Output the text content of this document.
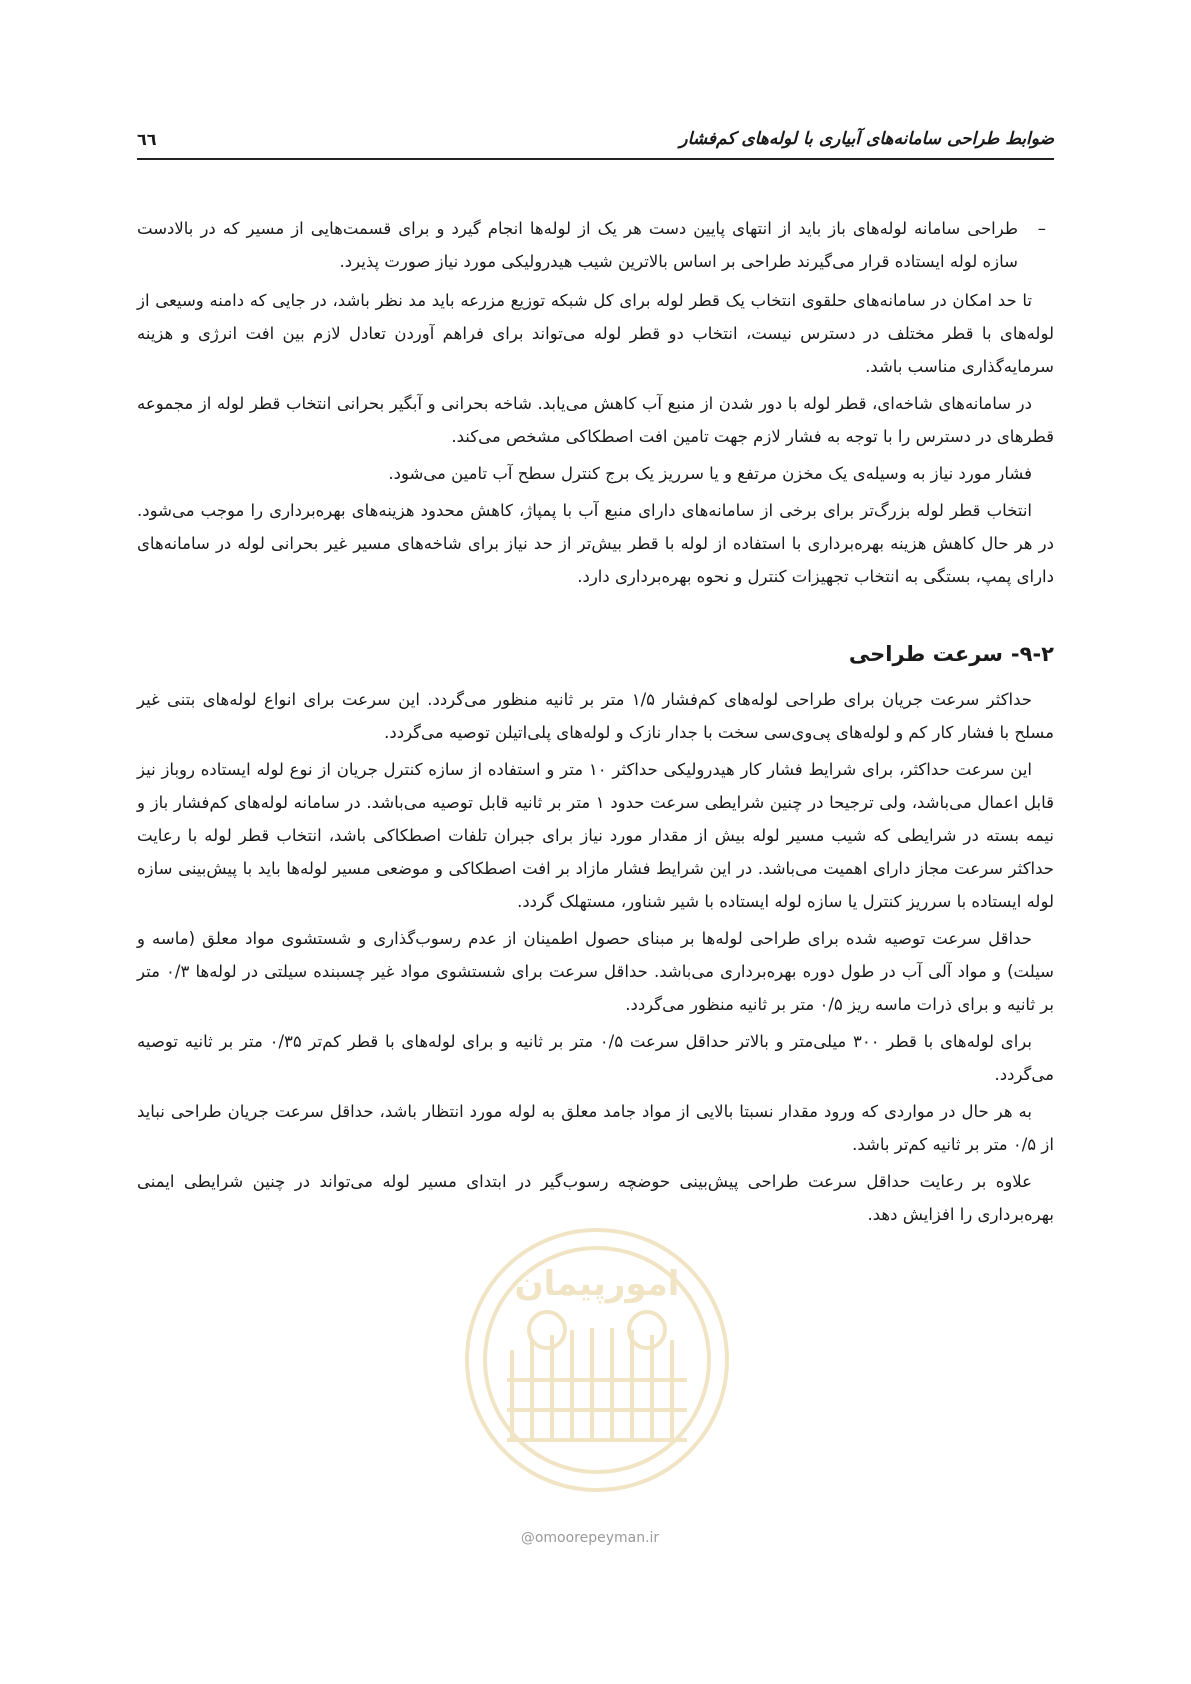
ضوابط طراحی سامانه‌های آبیاری با لوله‌های کم‌فشار
٦٦
–
طراحی سامانه لوله‌های باز باید از انتهای پایین دست هر یک از لوله‌ها انجام گیرد و برای قسمت‌هایی از مسیر که در بالادست سازه لوله ایستاده قرار می‌گیرند طراحی بر اساس بالاترین شیب هیدرولیکی مورد نیاز صورت پذیرد.

تا حد امکان در سامانه‌های حلقوی انتخاب یک قطر لوله برای کل شبکه توزیع مزرعه باید مد نظر باشد، در جایی که دامنه وسیعی از لوله‌های با قطر مختلف در دسترس نیست، انتخاب دو قطر لوله می‌تواند برای فراهم آوردن تعادل لازم بین افت انرژی و هزینه سرمایه‌گذاری مناسب باشد.

در سامانه‌های شاخه‌ای، قطر لوله با دور شدن از منبع آب کاهش می‌یابد. شاخه بحرانی و آبگیر بحرانی انتخاب قطر لوله از مجموعه قطرهای در دسترس را با توجه به فشار لازم جهت تامین افت اصطکاکی مشخص می‌کند.

فشار مورد نیاز به وسیله‌ی یک مخزن مرتفع و یا سرریز یک برج کنترل سطح آب تامین می‌شود.

انتخاب قطر لوله بزرگ‌تر برای برخی از سامانه‌های دارای منبع آب با پمپاژ، کاهش محدود هزینه‌های بهره‌برداری را موجب می‌شود. در هر حال کاهش هزینه بهره‌برداری با استفاده از لوله با قطر بیش‌تر از حد نیاز برای شاخه‌های مسیر غیر بحرانی لوله در سامانه‌های دارای پمپ، بستگی به انتخاب تجهیزات کنترل و نحوه بهره‌برداری دارد.

۹-۲-
سرعت طراحی

حداکثر سرعت جریان برای طراحی لوله‌های کم‌فشار ۱/۵ متر بر ثانیه منظور می‌گردد. این سرعت برای انواع لوله‌های بتنی غیر مسلح با فشار کار کم و لوله‌های پی‌وی‌سی سخت با جدار نازک و لوله‌های پلی‌اتیلن توصیه می‌گردد.

این سرعت حداکثر، برای شرایط فشار کار هیدرولیکی حداکثر ۱۰ متر و استفاده از سازه کنترل جریان از نوع لوله ایستاده روباز نیز قابل اعمال می‌باشد، ولی ترجیحا در چنین شرایطی سرعت حدود ۱ متر بر ثانیه قابل توصیه می‌باشد. در سامانه لوله‌های کم‌فشار باز و نیمه بسته در شرایطی که شیب مسیر لوله بیش از مقدار مورد نیاز برای جبران تلفات اصطکاکی باشد، انتخاب قطر لوله با رعایت حداکثر سرعت مجاز دارای اهمیت می‌باشد. در این شرایط فشار مازاد بر افت اصطکاکی و موضعی مسیر لوله‌ها باید با پیش‌بینی سازه لوله ایستاده با سرریز کنترل یا سازه لوله ایستاده با شیر شناور، مستهلک گردد.

حداقل سرعت توصیه شده برای طراحی لوله‌ها بر مبنای حصول اطمینان از عدم رسوب‌گذاری و شستشوی مواد معلق (ماسه و سیلت) و مواد آلی آب در طول دوره بهره‌برداری می‌باشد. حداقل سرعت برای شستشوی مواد غیر چسبنده سیلتی در لوله‌ها ۰/۳ متر بر ثانیه و برای ذرات ماسه ریز ۰/۵ متر بر ثانیه منظور می‌گردد.

برای لوله‌های با قطر ۳۰۰ میلی‌متر و بالاتر حداقل سرعت ۰/۵ متر بر ثانیه و برای لوله‌های با قطر کم‌تر ۰/۳۵ متر بر ثانیه توصیه می‌گردد.

به هر حال در مواردی که ورود مقدار نسبتا بالایی از مواد جامد معلق به لوله مورد انتظار باشد، حداقل سرعت جریان طراحی نباید از ۰/۵ متر بر ثانیه کم‌تر باشد.

علاوه بر رعایت حداقل سرعت طراحی پیش‌بینی حوضچه رسوب‌گیر در ابتدای مسیر لوله می‌تواند در چنین شرایطی ایمنی بهره‌برداری را افزایش دهد.

امورپیمان
@omoorepeyman.ir
